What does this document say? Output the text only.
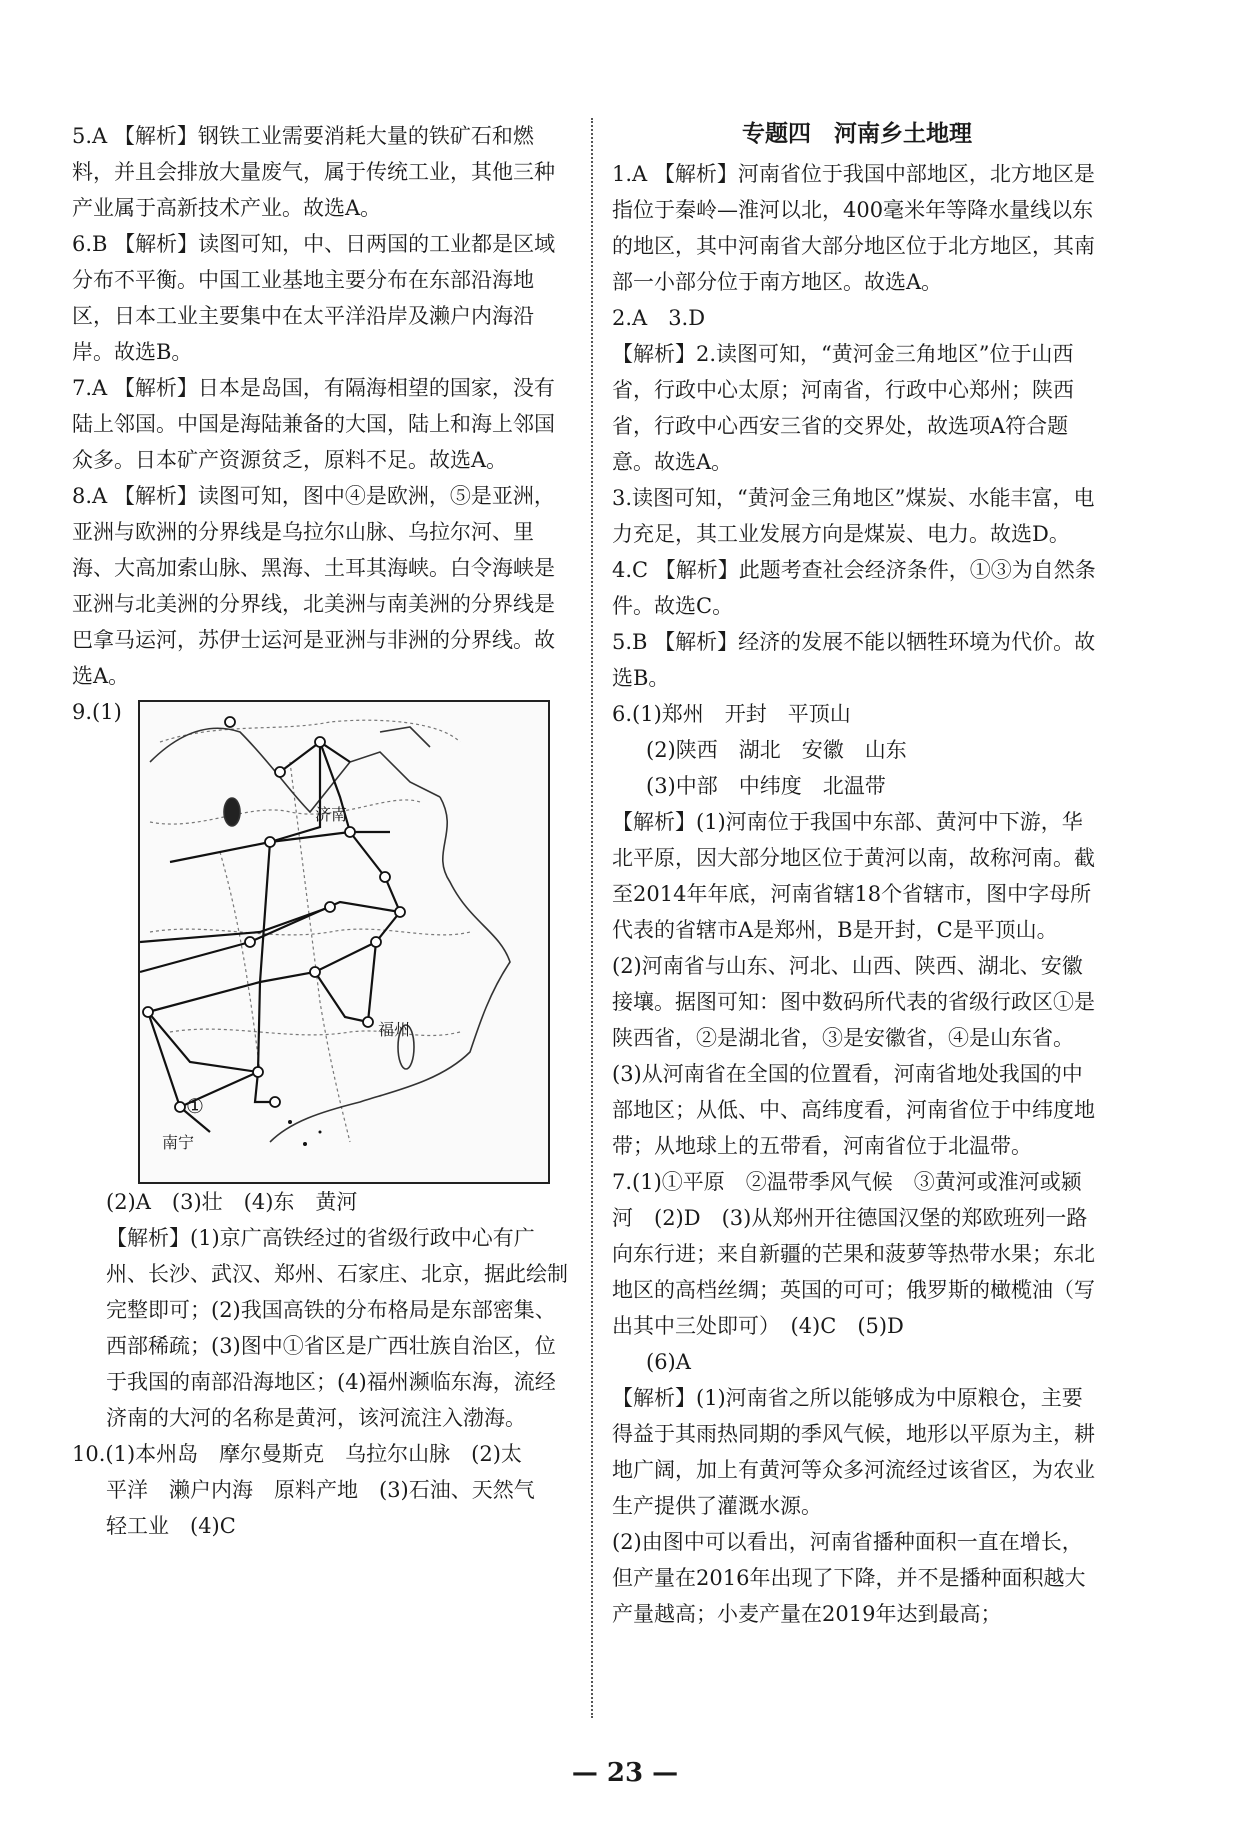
5.A 【解析】钢铁工业需要消耗大量的铁矿石和燃料，并且会排放大量废气，属于传统工业，其他三种产业属于高新技术产业。故选A。

6.B 【解析】读图可知，中、日两国的工业都是区域分布不平衡。中国工业基地主要分布在东部沿海地区，日本工业主要集中在太平洋沿岸及濑户内海沿岸。故选B。

7.A 【解析】日本是岛国，有隔海相望的国家，没有陆上邻国。中国是海陆兼备的大国，陆上和海上邻国众多。日本矿产资源贫乏，原料不足。故选A。

8.A 【解析】读图可知，图中④是欧洲，⑤是亚洲，亚洲与欧洲的分界线是乌拉尔山脉、乌拉尔河、里海、大高加索山脉、黑海、土耳其海峡。白令海峡是亚洲与北美洲的分界线，北美洲与南美洲的分界线是巴拿马运河，苏伊士运河是亚洲与非洲的分界线。故选A。

9.(1)

济南
福州
南宁
①

(2)A　(3)壮　(4)东　黄河

【解析】(1)京广高铁经过的省级行政中心有广州、长沙、武汉、郑州、石家庄、北京，据此绘制完整即可；(2)我国高铁的分布格局是东部密集、西部稀疏；(3)图中①省区是广西壮族自治区，位于我国的南部沿海地区；(4)福州濒临东海，流经济南的大河的名称是黄河，该河流注入渤海。

10.(1)本州岛　摩尔曼斯克　乌拉尔山脉　(2)太

平洋　濑户内海　原料产地　(3)石油、天然气

轻工业　(4)C

专题四　河南乡土地理

1.A 【解析】河南省位于我国中部地区，北方地区是指位于秦岭—淮河以北，400毫米年等降水量线以东的地区，其中河南省大部分地区位于北方地区，其南部一小部分位于南方地区。故选A。

2.A　3.D

【解析】2.读图可知，“黄河金三角地区”位于山西省，行政中心太原；河南省，行政中心郑州；陕西省，行政中心西安三省的交界处，故选项A符合题意。故选A。

3.读图可知，“黄河金三角地区”煤炭、水能丰富，电力充足，其工业发展方向是煤炭、电力。故选D。

4.C 【解析】此题考查社会经济条件，①③为自然条件。故选C。

5.B 【解析】经济的发展不能以牺牲环境为代价。故选B。

6.(1)郑州　开封　平顶山

(2)陕西　湖北　安徽　山东

(3)中部　中纬度　北温带

【解析】(1)河南位于我国中东部、黄河中下游，华北平原，因大部分地区位于黄河以南，故称河南。截至2014年年底，河南省辖18个省辖市，图中字母所代表的省辖市A是郑州，B是开封，C是平顶山。

(2)河南省与山东、河北、山西、陕西、湖北、安徽接壤。据图可知：图中数码所代表的省级行政区①是陕西省，②是湖北省，③是安徽省，④是山东省。

(3)从河南省在全国的位置看，河南省地处我国的中部地区；从低、中、高纬度看，河南省位于中纬度地带；从地球上的五带看，河南省位于北温带。

7.(1)①平原　②温带季风气候　③黄河或淮河或颍河　(2)D　(3)从郑州开往德国汉堡的郑欧班列一路向东行进；来自新疆的芒果和菠萝等热带水果；东北地区的高档丝绸；英国的可可；俄罗斯的橄榄油（写出其中三处即可）　(4)C　(5)D

(6)A

【解析】(1)河南省之所以能够成为中原粮仓，主要得益于其雨热同期的季风气候，地形以平原为主，耕地广阔，加上有黄河等众多河流经过该省区，为农业生产提供了灌溉水源。

(2)由图中可以看出，河南省播种面积一直在增长，但产量在2016年出现了下降，并不是播种面积越大产量越高；小麦产量在2019年达到最高；

— 23 —
